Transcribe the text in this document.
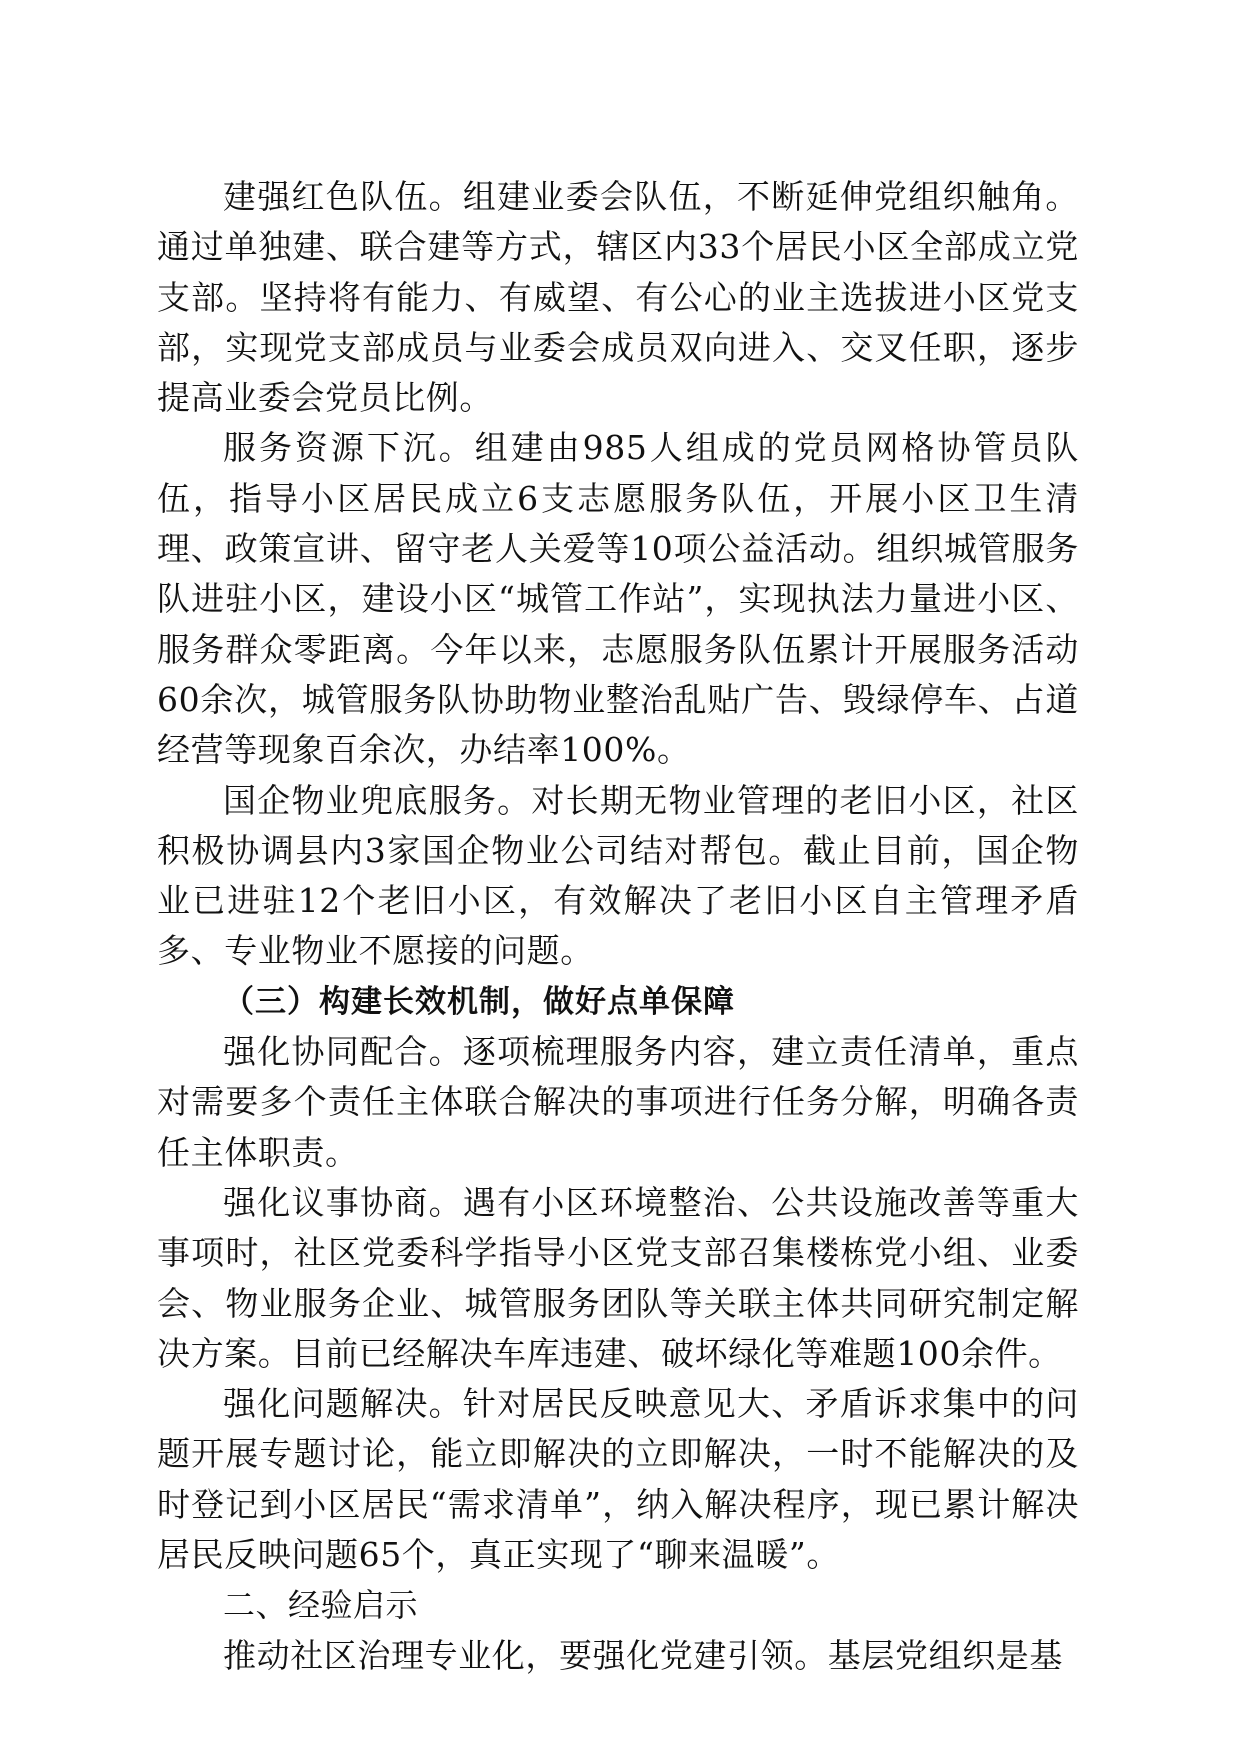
建强红色队伍。组建业委会队伍，不断延伸党组织触角。通过单独建、联合建等方式，辖区内33个居民小区全部成立党支部。坚持将有能力、有威望、有公心的业主选拔进小区党支部，实现党支部成员与业委会成员双向进入、交叉任职，逐步提高业委会党员比例。

服务资源下沉。组建由985人组成的党员网格协管员队伍，指导小区居民成立6支志愿服务队伍，开展小区卫生清理、政策宣讲、留守老人关爱等10项公益活动。组织城管服务队进驻小区，建设小区“城管工作站”，实现执法力量进小区、服务群众零距离。今年以来，志愿服务队伍累计开展服务活动60余次，城管服务队协助物业整治乱贴广告、毁绿停车、占道经营等现象百余次，办结率100%。

国企物业兜底服务。对长期无物业管理的老旧小区，社区积极协调县内3家国企物业公司结对帮包。截止目前，国企物业已进驻12个老旧小区，有效解决了老旧小区自主管理矛盾多、专业物业不愿接的问题。

（三）构建长效机制，做好点单保障

强化协同配合。逐项梳理服务内容，建立责任清单，重点对需要多个责任主体联合解决的事项进行任务分解，明确各责任主体职责。

强化议事协商。遇有小区环境整治、公共设施改善等重大事项时，社区党委科学指导小区党支部召集楼栋党小组、业委会、物业服务企业、城管服务团队等关联主体共同研究制定解决方案。目前已经解决车库违建、破坏绿化等难题100余件。

强化问题解决。针对居民反映意见大、矛盾诉求集中的问题开展专题讨论，能立即解决的立即解决，一时不能解决的及时登记到小区居民“需求清单”，纳入解决程序，现已累计解决居民反映问题65个，真正实现了“聊来温暖”。

二、经验启示

推动社区治理专业化，要强化党建引领。基层党组织是基
